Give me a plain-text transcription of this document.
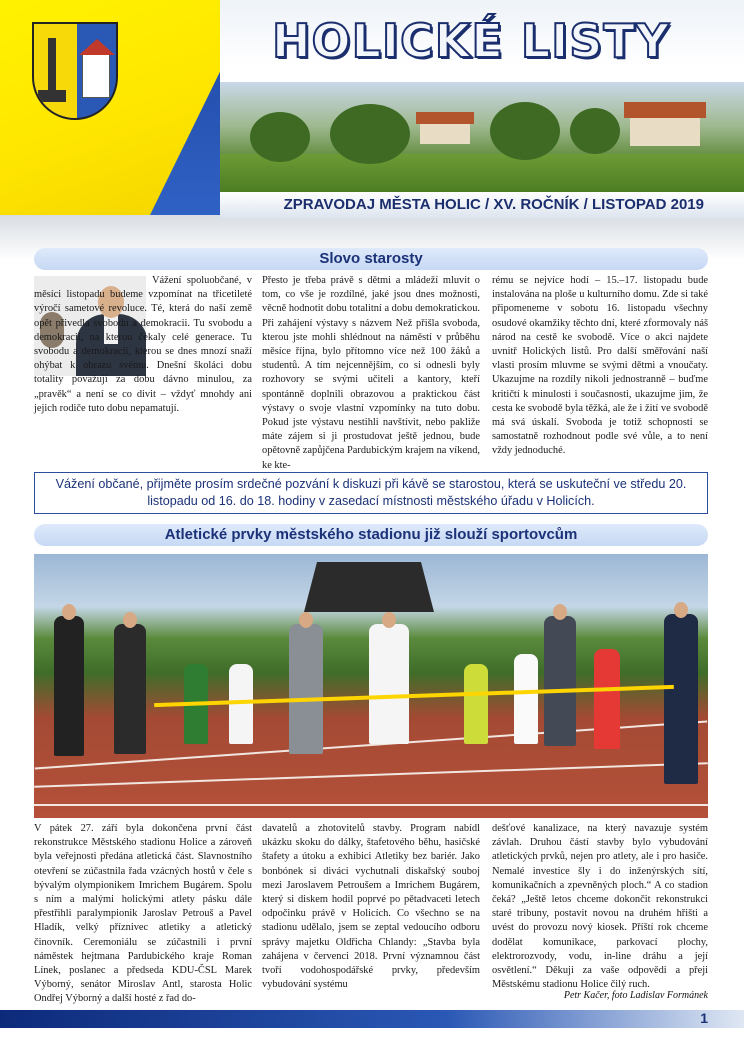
HOLICKÉ LISTY
ZPRAVODAJ MĚSTA HOLIC / XV. ROČNÍK / LISTOPAD 2019
Slovo starosty

Vážení spoluobčané, v měsíci listopadu budeme vzpomínat na třicetileté výročí sametové revoluce. Té, která do naší země opět přivedla svobodu a demokracii. Tu svobodu a demokracii, na kterou čekaly celé generace. Tu svobodu a demokracii, kterou se dnes mnozí snaží ohýbat k obrazu svému. Dnešní školáci dobu totality považují za dobu dávno minulou, za „pravěk“ a není se co divit – vždyť mnohdy ani jejich rodiče tuto dobu nepamatují.

Přesto je třeba právě s dětmi a mládeží mluvit o tom, co vše je rozdílné, jaké jsou dnes možnosti, věcně hodnotit dobu totalitní a dobu demokratickou. Při zahájení výstavy s názvem Než přišla svoboda, kterou jste mohli shlédnout na náměstí v průběhu měsíce října, bylo přítomno více než 100 žáků a studentů. A tím nejcennějším, co si odnesli byly rozhovory se svými učiteli a kantory, kteří spontánně doplnili obrazovou a praktickou část výstavy o svoje vlastní vzpomínky na tuto dobu. Pokud jste výstavu nestihli navštívit, nebo pakliže máte zájem si ji prostudovat ještě jednou, bude opětovně zapůjčena Pardubickým krajem na víkend, ke kte-

rému se nejvíce hodí – 15.–17. listopadu bude instalována na ploše u kulturního domu. Zde si také připomeneme v sobotu 16. listopadu všechny osudové okamžiky těchto dní, které zformovaly náš národ na cestě ke svobodě. Více o akci najdete uvnitř Holických listů. Pro další směřování naší vlasti prosím mluvme se svými dětmi a vnoučaty. Ukazujme na rozdíly nikoli jednostranně – buďme kritičtí k minulosti i současnosti, ukazujme jim, že cesta ke svobodě byla těžká, ale že i žití ve svobodě má svá úskalí. Svoboda je totiž schopnosti se samostatně rozhodnout podle své vůle, a to není vždy jednoduché.

Vážení občané, přijměte prosím srdečné pozvání k diskuzi při kávě se starostou, která se uskuteční ve středu 20. listopadu od 16. do 18. hodiny v zasedací místnosti městského úřadu v Holicích.
Atletické prvky městského stadionu již slouží sportovcům

V pátek 27. září byla dokončena první část rekonstrukce Městského stadionu Holice a zároveň byla veřejnosti předána atletická část. Slavnostního otevření se zúčastnila řada vzácných hostů v čele s bývalým olympionikem Imrichem Bugárem. Spolu s ním a malými holickými atlety pásku dále přestřihli paralympionik Jaroslav Petrouš a Pavel Hladík, velký příznivec atletiky a atletický činovník. Ceremoniálu se zúčastnili i první náměstek hejtmana Pardubického kraje Roman Línek, poslanec a předseda KDU-ČSL Marek Výborný, senátor Miroslav Antl, starosta Holic Ondřej Výborný a další hosté z řad do-

davatelů a zhotovitelů stavby. Program nabídl ukázku skoku do dálky, štafetového běhu, hasičské štafety a útoku a exhibici Atletiky bez bariér. Jako bonbónek si diváci vychutnali diskařský souboj mezi Jaroslavem Petroušem a Imrichem Bugárem, který si diskem hodil poprvé po pětadvaceti letech odpočinku právě v Holicích. Co všechno se na stadionu udělalo, jsem se zeptal vedoucího odboru správy majetku Oldřicha Chlandy: „Stavba byla zahájena v červenci 2018. První významnou část tvoří vodohospodářské prvky, především vybudování systému

dešťové kanalizace, na který navazuje systém závlah. Druhou částí stavby bylo vybudování atletických prvků, nejen pro atlety, ale i pro hasiče. Nemalé investice šly i do inženýrských sítí, komunikačních a zpevněných ploch.“ A co stadion čeká? „Ještě letos chceme dokončit rekonstrukci staré tribuny, postavit novou na druhém hřišti a uvést do provozu nový kiosek. Příští rok chceme dodělat komunikace, parkovací plochy, elektrorozvody, vodu, in-line dráhu a její osvětlení.“ Děkuji za vaše odpovědi a přeji Městskému stadionu Holice čilý ruch.

Petr Kačer, foto Ladislav Formánek
1
